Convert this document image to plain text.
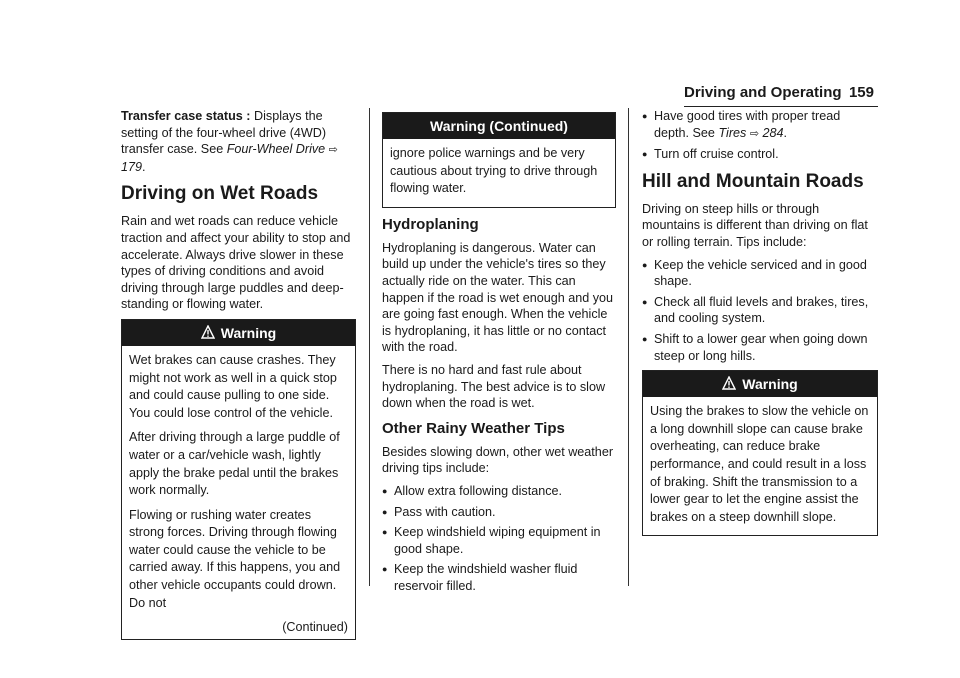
Driving and Operating 159

Transfer case status : Displays the setting of the four-wheel drive (4WD) transfer case. See Four-Wheel Drive ⇨ 179.

Driving on Wet Roads

Rain and wet roads can reduce vehicle traction and affect your ability to stop and accelerate. Always drive slower in these types of driving conditions and avoid driving through large puddles and deep-standing or flowing water.

Warning

Wet brakes can cause crashes. They might not work as well in a quick stop and could cause pulling to one side. You could lose control of the vehicle.

After driving through a large puddle of water or a car/vehicle wash, lightly apply the brake pedal until the brakes work normally.

Flowing or rushing water creates strong forces. Driving through flowing water could cause the vehicle to be carried away. If this happens, you and other vehicle occupants could drown. Do not

(Continued)

Warning (Continued)

ignore police warnings and be very cautious about trying to drive through flowing water.

Hydroplaning

Hydroplaning is dangerous. Water can build up under the vehicle's tires so they actually ride on the water. This can happen if the road is wet enough and you are going fast enough. When the vehicle is hydroplaning, it has little or no contact with the road.

There is no hard and fast rule about hydroplaning. The best advice is to slow down when the road is wet.

Other Rainy Weather Tips

Besides slowing down, other wet weather driving tips include:

● Allow extra following distance.
● Pass with caution.
● Keep windshield wiping equipment in good shape.
● Keep the windshield washer fluid reservoir filled.
● Have good tires with proper tread depth. See Tires ⇨ 284.
● Turn off cruise control.
Hill and Mountain Roads

Driving on steep hills or through mountains is different than driving on flat or rolling terrain. Tips include:

● Keep the vehicle serviced and in good shape.
● Check all fluid levels and brakes, tires, and cooling system.
● Shift to a lower gear when going down steep or long hills.
Warning

Using the brakes to slow the vehicle on a long downhill slope can cause brake overheating, can reduce brake performance, and could result in a loss of braking. Shift the transmission to a lower gear to let the engine assist the brakes on a steep downhill slope.
